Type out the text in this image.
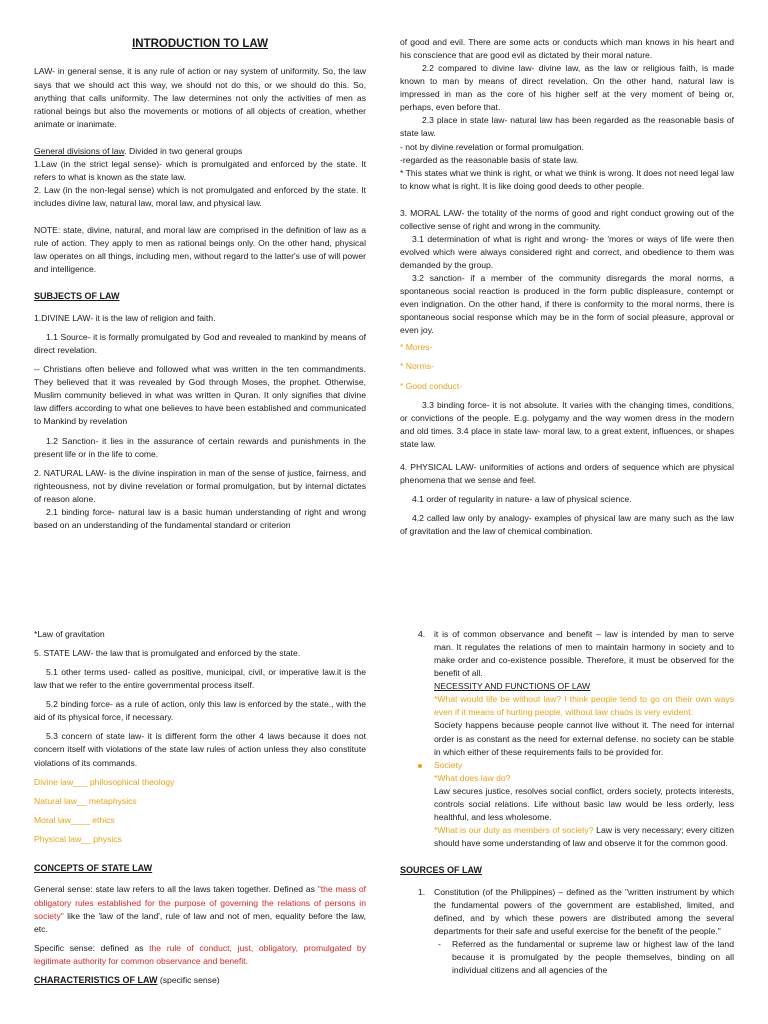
INTRODUCTION TO LAW

LAW- in general sense, it is any rule of action or nay system of uniformity. So, the law says that we should act this way, we should not do this, or we should do this. So, anything that calls uniformity. The law determines not only the activities of men as rational beings but also the movements or motions of all objects of creation, whether animate or inanimate.

General divisions of law. Divided in two general groups

1.Law (in the strict legal sense)- which is promulgated and enforced by the state. It refers to what is known as the state law.

2. Law (in the non-legal sense) which is not promulgated and enforced by the state. It includes divine law, natural law, moral law, and physical law.

NOTE: state, divine, natural, and moral law are comprised in the definition of law as a rule of action. They apply to men as rational beings only. On the other hand, physical law operates on all things, including men, without regard to the latter's use of will power and intelligence.

SUBJECTS OF LAW

1.DIVINE LAW- it is the law of religion and faith.

1.1 Source- it is formally promulgated by God and revealed to mankind by means of direct revelation.

-- Christians often believe and followed what was written in the ten commandments. They believed that it was revealed by God through Moses, the prophet. Otherwise, Muslim community believed in what was written in Quran. It only signifies that divine law differs according to what one believes to have been established and communicated to Mankind by revelation

1.2 Sanction- it lies in the assurance of certain rewards and punishments in the present life or in the life to come.

2. NATURAL LAW- is the divine inspiration in man of the sense of justice, fairness, and righteousness, not by divine revelation or formal promulgation, but by internal dictates of reason alone.

2.1 binding force- natural law is a basic human understanding of right and wrong based on an understanding of the fundamental standard or criterion

of good and evil. There are some acts or conducts which man knows in his heart and his conscience that are good evil as dictated by their moral nature.

2.2 compared to divine law- divine law, as the law or religious faith, is made known to man by means of direct revelation. On the other hand, natural law is impressed in man as the core of his higher self at the very moment of being or, perhaps, even before that.

2.3 place in state law- natural law has been regarded as the reasonable basis of state law.

- not by divine revelation or formal promulgation.

-regarded as the reasonable basis of state law.

* This states what we think is right, or what we think is wrong. It does not need legal law to know what is right. It is like doing good deeds to other people.

3. MORAL LAW- the totality of the norms of good and right conduct growing out of the collective sense of right and wrong in the community.

3.1 determination of what is right and wrong- the 'mores or ways of life were then evolved which were always considered right and correct, and obedience to them was demanded by the group.

3.2 sanction- if a member of the community disregards the moral norms, a spontaneous social reaction is produced in the form public displeasure, contempt or even indignation. On the other hand, if there is conformity to the moral norms, there is spontaneous social response which may be in the form of social pleasure, approval or even joy.

* Mores-

* Norms-

* Good conduct-

3.3 binding force- it is not absolute. It varies with the changing times, conditions, or convictions of the people. E.g. polygamy and the way women dress in the modern and old times. 3.4 place in state law- moral law, to a great extent, influences, or shapes state law.

4. PHYSICAL LAW- uniformities of actions and orders of sequence which are physical phenomena that we sense and feel.

4.1 order of regularity in nature- a law of physical science.

4.2 called law only by analogy- examples of physical law are many such as the law of gravitation and the law of chemical combination.

*Law of gravitation

5. STATE LAW- the law that is promulgated and enforced by the state.

5.1 other terms used- called as positive, municipal, civil, or imperative law.it is the law that we refer to the entire governmental process itself.

5.2 binding force- as a rule of action, only this law is enforced by the state., with the aid of its physical force, if necessary.

5.3 concern of state law- it is different form the other 4 laws because it does not concern itself with violations of the state law rules of action unless they also constitute violations of its commands.

Divine law___ philosophical theology

Natural law__ metaphysics

Moral law____ ethics

Physical law__ physics

CONCEPTS OF STATE LAW

General sense: state law refers to all the laws taken together. Defined as "the mass of obligatory rules established for the purpose of governing the relations of persons in society" like the 'law of the land', rule of law and not of men, equality before the law, etc.

Specific sense: defined as the rule of conduct, just, obligatory, promulgated by legitimate authority for common observance and benefit.

CHARACTERISTICS OF LAW (specific sense)

4. it is of common observance and benefit – law is intended by man to serve man. It regulates the relations of men to maintain harmony in society and to make order and co-existence possible. Therefore, it must be observed for the benefit of all.
NECESSITY AND FUNCTIONS OF LAW
*What would life be without law? I think people tend to go on their own ways even if it means of hurting people, without law chaos is very evident.
Society happens because people cannot live without it. The need for internal order is as constant as the need for external defense. no society can be stable in which either of these requirements fails to be provided for.
Society
*What does law do?
Law secures justice, resolves social conflict, orders society, protects interests, controls social relations. Life without basic law would be less orderly, less healthful, and less wholesome.
*What is our duty as members of society? Law is very necessary; every citizen should have some understanding of law and observe it for the common good.

SOURCES OF LAW

1. Constitution (of the Philippines) – defined as the "written instrument by which the fundamental powers of the government are established, limited, and defined, and by which these powers are distributed among the several departments for their safe and useful exercise for the benefit of the people."
- Referred as the fundamental or supreme law or highest law of the land because it is promulgated by the people themselves, binding on all individual citizens and all agencies of the
